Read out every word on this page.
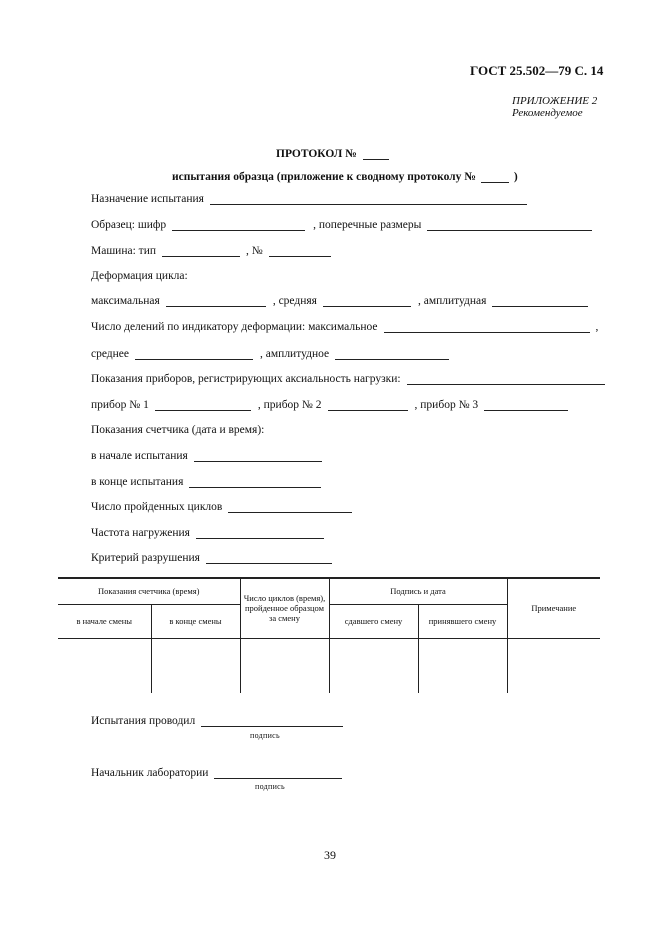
ГОСТ 25.502—79 С. 14
ПРИЛОЖЕНИЕ 2
Рекомендуемое
ПРОТОКОЛ №
испытания образца (приложение к сводному протоколу №	)
Назначение испытания
Образец: шифр	, поперечные размеры
Машина: тип	, №
Деформация цикла:
максимальная	, средняя	, амплитудная
Число делений по индикатору деформации: максимальное	,
среднее	, амплитудное
Показания приборов, регистрирующих аксиальность нагрузки:
прибор № 1	, прибор № 2	, прибор № 3
Показания счетчика (дата и время):
в начале испытания
в конце испытания
Число пройденных циклов
Частота нагружения
Критерий разрушения
Показания счетчика (время)		Число циклов (время), пройденное образцом за смену	Подпись и дата		Примечание
в начале смены	в конце смены		сдавшего смену	принявшего смену	

Испытания проводил
подпись
Начальник лаборатории
подпись
39
